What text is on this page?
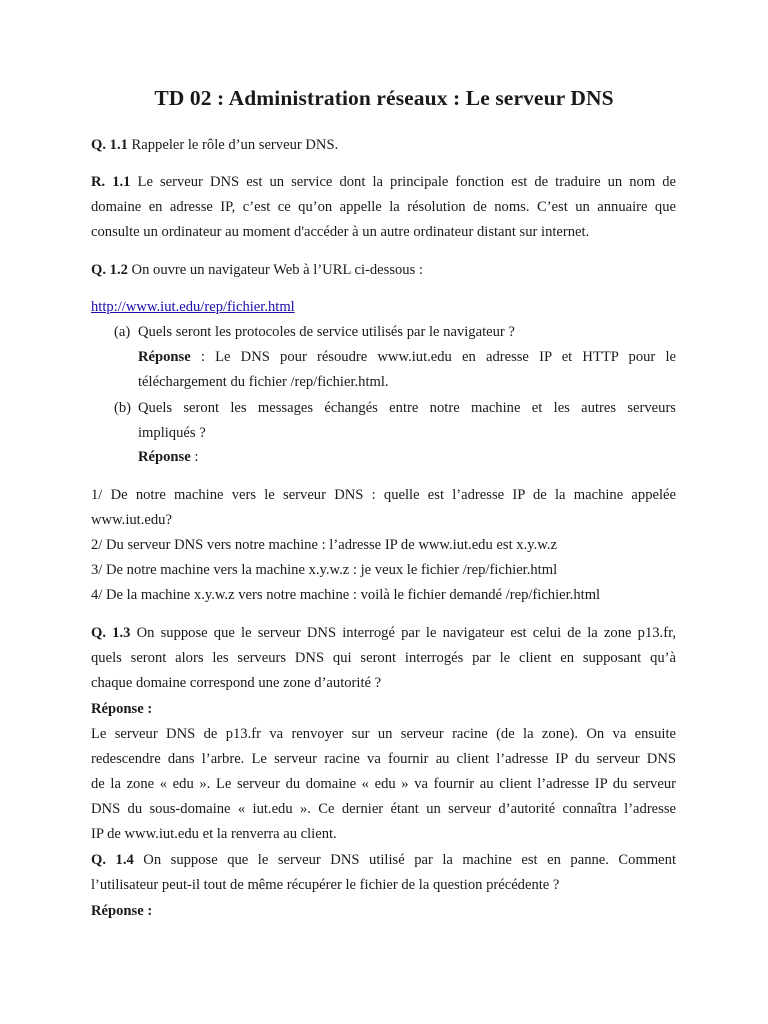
TD 02 : Administration réseaux : Le serveur DNS
Q. 1.1 Rappeler le rôle d’un serveur DNS.
R. 1.1 Le serveur DNS est un service dont la principale fonction est de traduire un nom de
domaine en adresse IP, c’est ce qu’on appelle la résolution de noms. C’est un annuaire que
consulte un ordinateur au moment d'accéder à un autre ordinateur distant sur internet.
Q. 1.2 On ouvre un navigateur Web à l’URL ci-dessous :
http://www.iut.edu/rep/fichier.html
(a) Quels seront les protocoles de service utilisés par le navigateur ?
Réponse : Le DNS pour résoudre www.iut.edu en adresse IP et HTTP pour le
téléchargement du fichier /rep/fichier.html.
(b) Quels seront les messages échangés entre notre machine et les autres serveurs
impliqués ?
Réponse :
1/ De notre machine vers le serveur DNS : quelle est l’adresse IP de la machine appelée
www.iut.edu?
2/ Du serveur DNS vers notre machine : l’adresse IP de www.iut.edu est x.y.w.z
3/ De notre machine vers la machine x.y.w.z : je veux le fichier /rep/fichier.html
4/ De la machine x.y.w.z vers notre machine : voilà le fichier demandé /rep/fichier.html
Q. 1.3 On suppose que le serveur DNS interrogé par le navigateur est celui de la zone p13.fr,
quels seront alors les serveurs DNS qui seront interrogés par le client en supposant qu’à
chaque domaine correspond une zone d’autorité ?
Réponse :
Le serveur DNS de p13.fr va renvoyer sur un serveur racine (de la zone). On va ensuite
redescendre dans l’arbre. Le serveur racine va fournir au client l’adresse IP du serveur DNS
de la zone « edu ». Le serveur du domaine « edu » va fournir au client l’adresse IP du serveur
DNS du sous-domaine « iut.edu ». Ce dernier étant un serveur d’autorité connaîtra l’adresse
IP de www.iut.edu et la renverra au client.
Q. 1.4 On suppose que le serveur DNS utilisé par la machine est en panne. Comment
l’utilisateur peut-il tout de même récupérer le fichier de la question précédente ?
Réponse :
